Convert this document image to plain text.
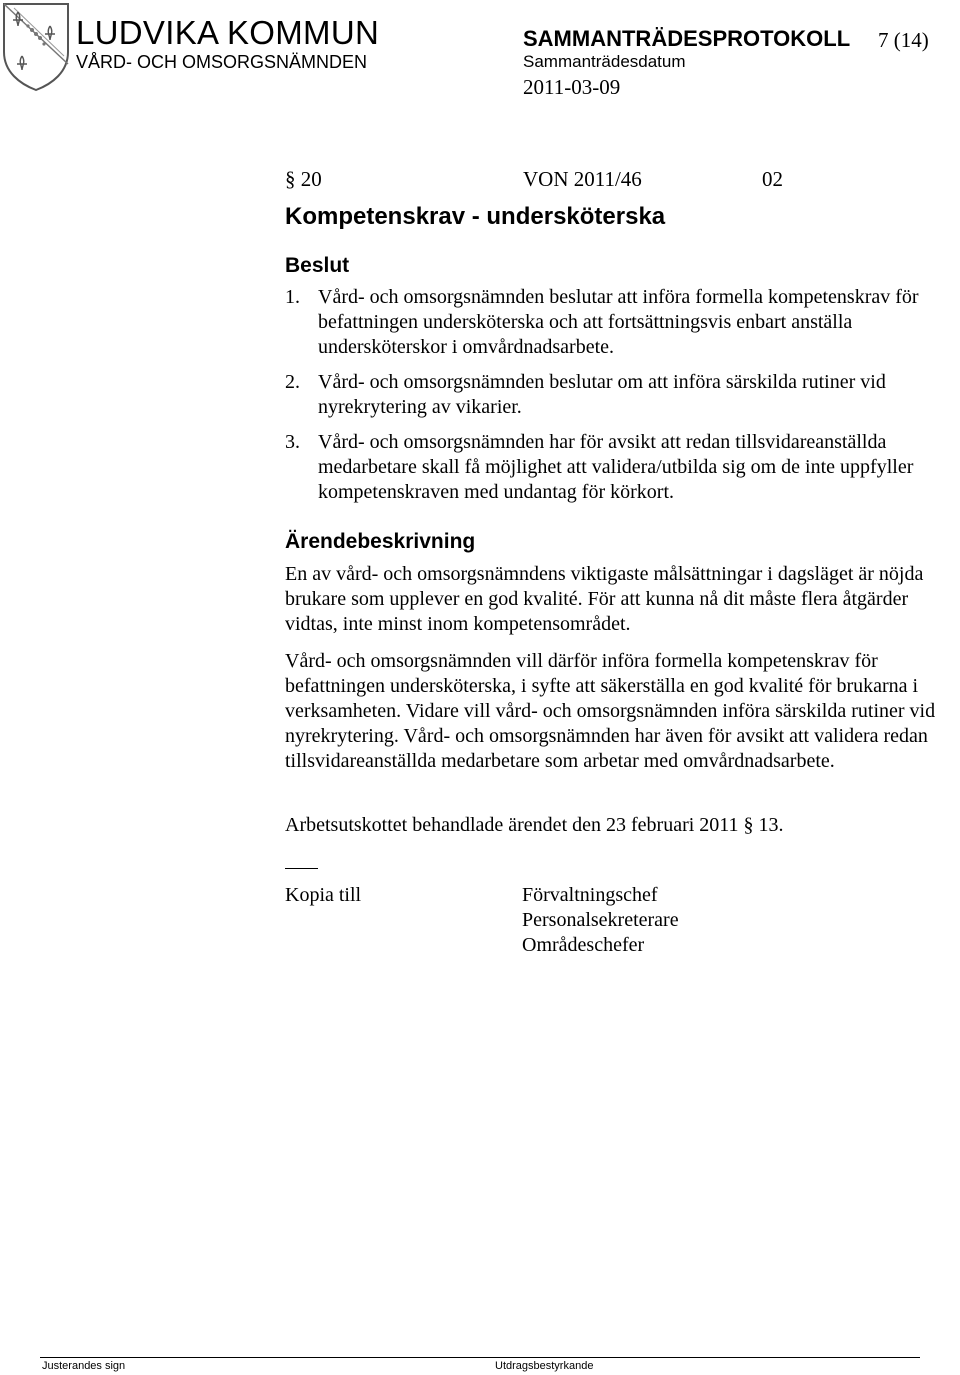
LUDVIKA KOMMUN
VÅRD- OCH OMSORGSNÄMNDEN
SAMMANTRÄDESPROTOKOLL 7 (14)
Sammanträdesdatum
2011-03-09
§ 20	VON 2011/46	02
Kompetenskrav - undersköterska
Beslut
1. Vård- och omsorgsnämnden beslutar att införa formella kompetenskrav för befattningen undersköterska och att fortsättningsvis enbart anställa undersköterskor i omvårdnadsarbete.
2. Vård- och omsorgsnämnden beslutar om att införa särskilda rutiner vid nyrekrytering av vikarier.
3. Vård- och omsorgsnämnden har för avsikt att redan tillsvidareanställda medarbetare skall få möjlighet att validera/utbilda sig om de inte uppfyller kompetenskraven med undantag för körkort.
Ärendebeskrivning

En av vård- och omsorgsnämndens viktigaste målsättningar i dagsläget är nöjda brukare som upplever en god kvalité. För att kunna nå dit måste flera åtgärder vidtas, inte minst inom kompetensområdet.

Vård- och omsorgsnämnden vill därför införa formella kompetenskrav för befattningen undersköterska, i syfte att säkerställa en god kvalité för brukarna i verksamheten. Vidare vill vård- och omsorgsnämnden införa särskilda rutiner vid nyrekrytering. Vård- och omsorgsnämnden har även för avsikt att validera redan tillsvidareanställda medarbetare som arbetar med omvårdnadsarbete.

Arbetsutskottet behandlade ärendet den 23 februari 2011 § 13.

Kopia till	Förvaltningschef
Personalsekreterare
Områdeschefer
Justerandes sign	Utdragsbestyrkande
